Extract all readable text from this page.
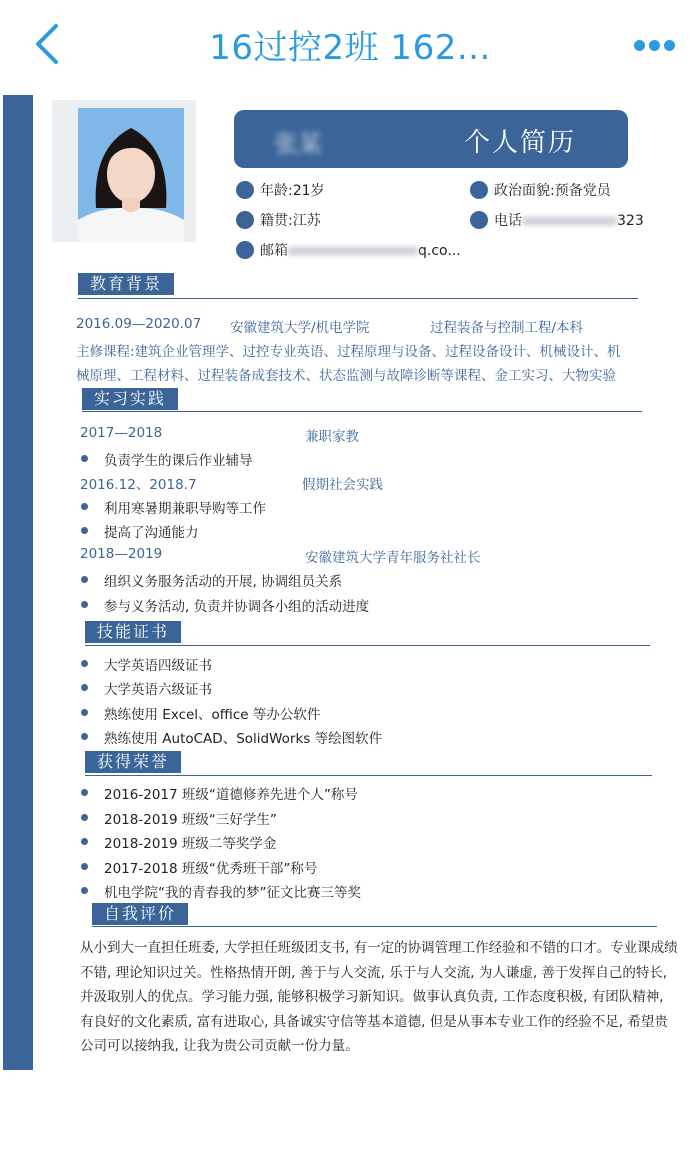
16过控2班 162...
张某	个人简历
年龄:21岁	政治面貌:预备党员
籍贯:江苏	电话	323
邮箱	q.co...
教育背景
2016.09—2020.07 安徽建筑大学/机电学院	过程装备与控制工程/本科
主修课程:建筑企业管理学、过控专业英语、过程原理与设备、过程设备设计、机械设计、机
械原理、工程材料、过程装备成套技术、状态监测与故障诊断等课程、金工实习、大物实验
实习实践
2017—2018	兼职家教
负责学生的课后作业辅导
2016.12、2018.7	假期社会实践
利用寒暑期兼职导购等工作
提高了沟通能力
2018—2019	安徽建筑大学青年服务社社长
组织义务服务活动的开展, 协调组员关系
参与义务活动, 负责并协调各小组的活动进度
技能证书
大学英语四级证书
大学英语六级证书
熟练使用 Excel、office 等办公软件
熟练使用 AutoCAD、SolidWorks 等绘图软件
获得荣誉
2016-2017 班级“道德修养先进个人”称号
2018-2019 班级“三好学生”
2018-2019 班级二等奖学金
2017-2018 班级“优秀班干部”称号
机电学院“我的青春我的梦”征文比赛三等奖
自我评价
从小到大一直担任班委, 大学担任班级团支书, 有一定的协调管理工作经验和不错的口才。专业课成绩不错, 理论知识过关。性格热情开朗, 善于与人交流, 乐于与人交流, 为人谦虚, 善于发挥自己的特长, 并汲取别人的优点。学习能力强, 能够积极学习新知识。做事认真负责, 工作态度积极, 有团队精神, 有良好的文化素质, 富有进取心, 具备诚实守信等基本道德, 但是从事本专业工作的经验不足, 希望贵公司可以接纳我, 让我为贵公司贡献一份力量。
